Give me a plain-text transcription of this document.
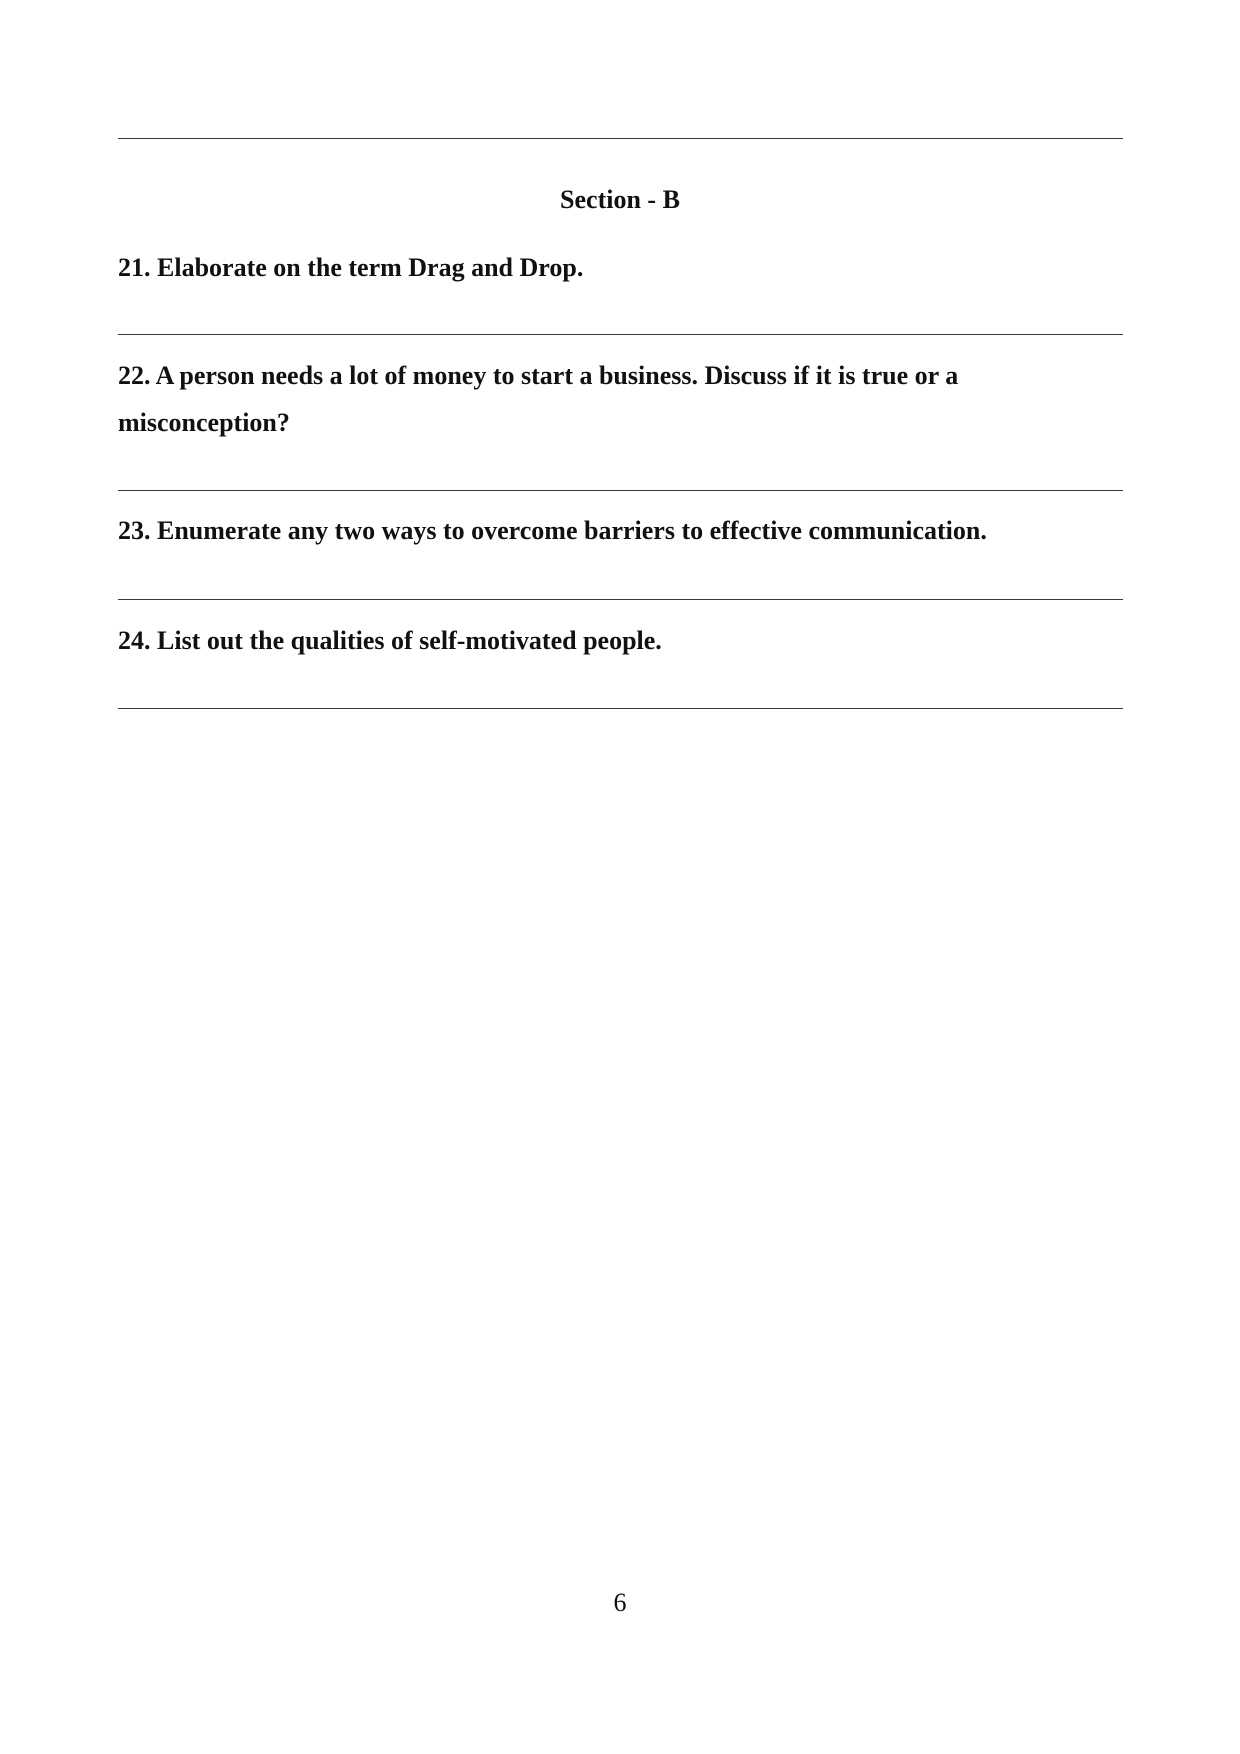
Section - B
21. Elaborate on the term Drag and Drop.
22. A person needs a lot of money to start a business. Discuss if it is true or a misconception?
23. Enumerate any two ways to overcome barriers to effective communication.
24. List out the qualities of self-motivated people.
6
